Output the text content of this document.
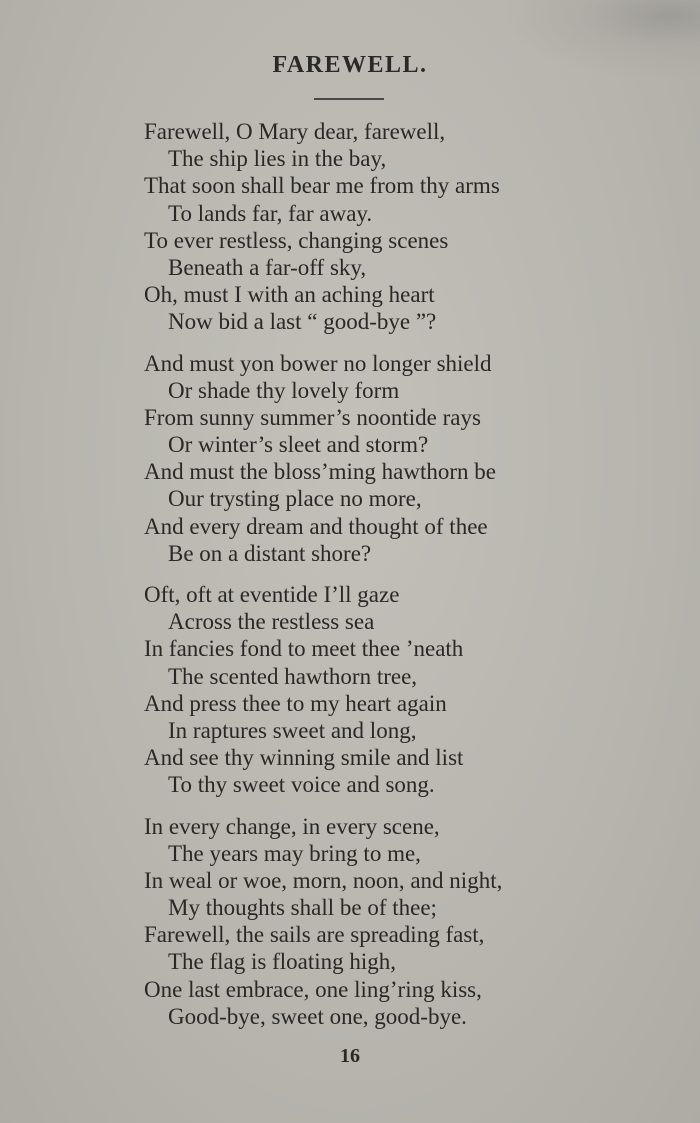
FAREWELL.
Farewell, O Mary dear, farewell,
The ship lies in the bay,
That soon shall bear me from thy arms
To lands far, far away.
To ever restless, changing scenes
Beneath a far-off sky,
Oh, must I with an aching heart
Now bid a last “ good-bye ”?
And must yon bower no longer shield
Or shade thy lovely form
From sunny summer’s noontide rays
Or winter’s sleet and storm?
And must the bloss’ming hawthorn be
Our trysting place no more,
And every dream and thought of thee
Be on a distant shore?
Oft, oft at eventide I’ll gaze
Across the restless sea
In fancies fond to meet thee ’neath
The scented hawthorn tree,
And press thee to my heart again
In raptures sweet and long,
And see thy winning smile and list
To thy sweet voice and song.
In every change, in every scene,
The years may bring to me,
In weal or woe, morn, noon, and night,
My thoughts shall be of thee;
Farewell, the sails are spreading fast,
The flag is floating high,
One last embrace, one ling’ring kiss,
Good-bye, sweet one, good-bye.
16
